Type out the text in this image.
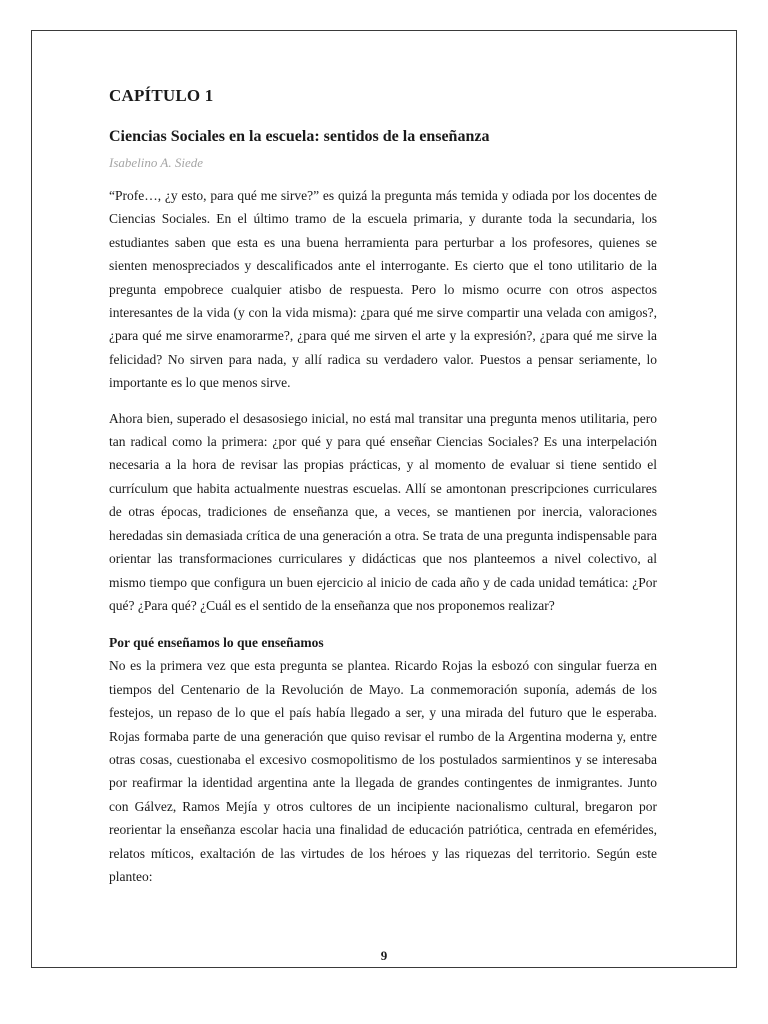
CAPÍTULO 1
Ciencias Sociales en la escuela: sentidos de la enseñanza

Isabelino A. Siede

“Profe…, ¿y esto, para qué me sirve?” es quizá la pregunta más temida y odiada por los docentes de Ciencias Sociales. En el último tramo de la escuela primaria, y durante toda la secundaria, los estudiantes saben que esta es una buena herramienta para perturbar a los profesores, quienes se sienten menospreciados y descalificados ante el interrogante. Es cierto que el tono utilitario de la pregunta empobrece cualquier atisbo de respuesta. Pero lo mismo ocurre con otros aspectos interesantes de la vida (y con la vida misma): ¿para qué me sirve compartir una velada con amigos?, ¿para qué me sirve enamorarme?, ¿para qué me sirven el arte y la expresión?, ¿para qué me sirve la felicidad? No sirven para nada, y allí radica su verdadero valor. Puestos a pensar seriamente, lo importante es lo que menos sirve.

Ahora bien, superado el desasosiego inicial, no está mal transitar una pregunta menos utilitaria, pero tan radical como la primera: ¿por qué y para qué enseñar Ciencias Sociales? Es una interpelación necesaria a la hora de revisar las propias prácticas, y al momento de evaluar si tiene sentido el currículum que habita actualmente nuestras escuelas. Allí se amontonan prescripciones curriculares de otras épocas, tradiciones de enseñanza que, a veces, se mantienen por inercia, valoraciones heredadas sin demasiada crítica de una generación a otra. Se trata de una pregunta indispensable para orientar las transformaciones curriculares y didácticas que nos planteemos a nivel colectivo, al mismo tiempo que configura un buen ejercicio al inicio de cada año y de cada unidad temática: ¿Por qué? ¿Para qué? ¿Cuál es el sentido de la enseñanza que nos proponemos realizar?

Por qué enseñamos lo que enseñamos

No es la primera vez que esta pregunta se plantea. Ricardo Rojas la esbozó con singular fuerza en tiempos del Centenario de la Revolución de Mayo. La conmemoración suponía, además de los festejos, un repaso de lo que el país había llegado a ser, y una mirada del futuro que le esperaba. Rojas formaba parte de una generación que quiso revisar el rumbo de la Argentina moderna y, entre otras cosas, cuestionaba el excesivo cosmopolitismo de los postulados sarmientinos y se interesaba por reafirmar la identidad argentina ante la llegada de grandes contingentes de inmigrantes. Junto con Gálvez, Ramos Mejía y otros cultores de un incipiente nacionalismo cultural, bregaron por reorientar la enseñanza escolar hacia una finalidad de educación patriótica, centrada en efemérides, relatos míticos, exaltación de las virtudes de los héroes y las riquezas del territorio. Según este planteo:

9
